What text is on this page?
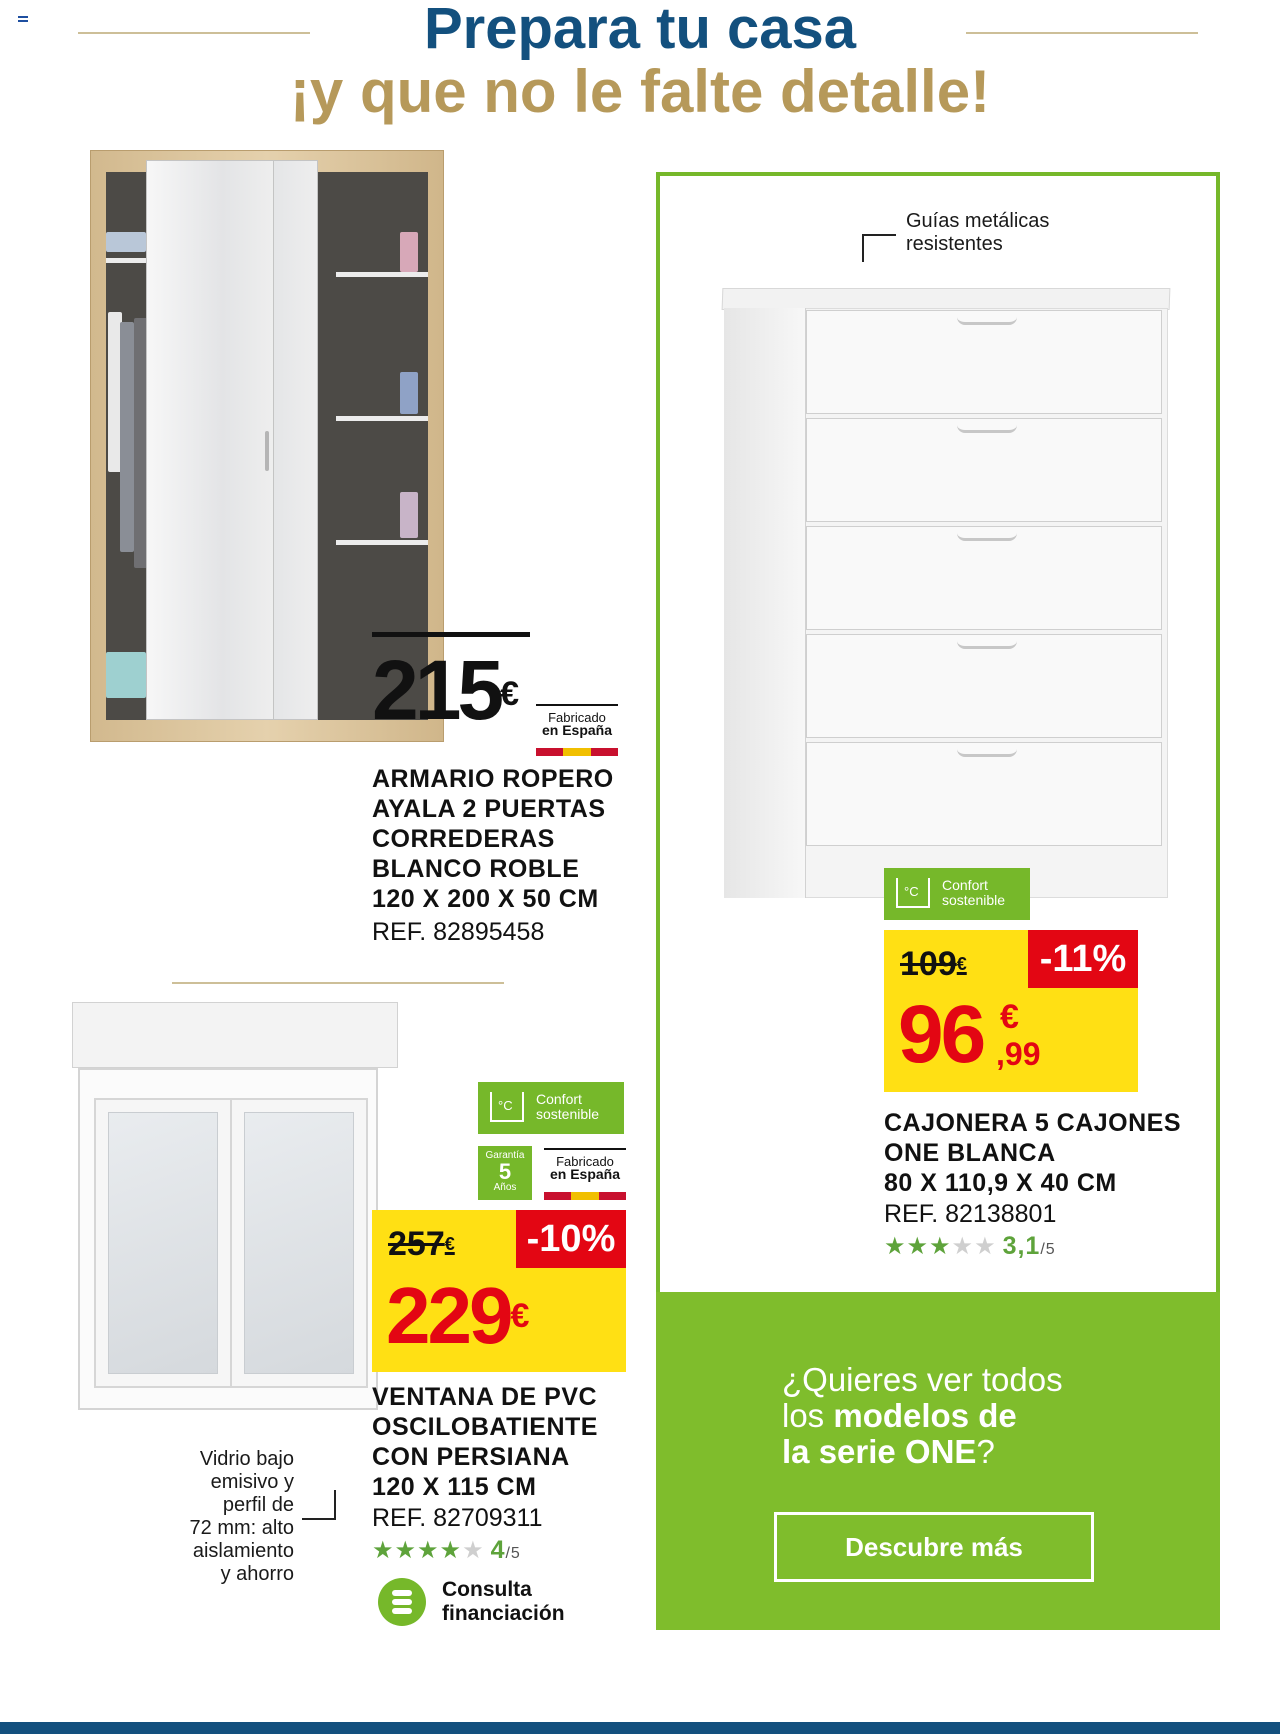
Prepara tu casa
¡y que no le falte detalle!
215€
Fabricado
en España
ARMARIO ROPERO
AYALA 2 PUERTAS
CORREDERAS
BLANCO ROBLE
120 X 200 X 50 CM
REF. 82895458
Guías metálicas
resistentes
°C Confort
sostenible
109€	-11%
96 €
,99
CAJONERA 5 CAJONES
ONE BLANCA
80 X 110,9 X 40 CM
REF. 82138801
★★★★★ 3,1/5
°C Confort
sostenible
Garantía
5
Años
Fabricado
en España
257€ -10%
229€
VENTANA DE PVC
OSCILOBATIENTE
CON PERSIANA
120 X 115 CM
REF. 82709311
★★★★★ 4/5
Vidrio bajo
emisivo y
perfil de
72 mm: alto
aislamiento
y ahorro
Consulta
financiación
¿Quieres ver todos
los modelos de
la serie ONE?
Descubre más
